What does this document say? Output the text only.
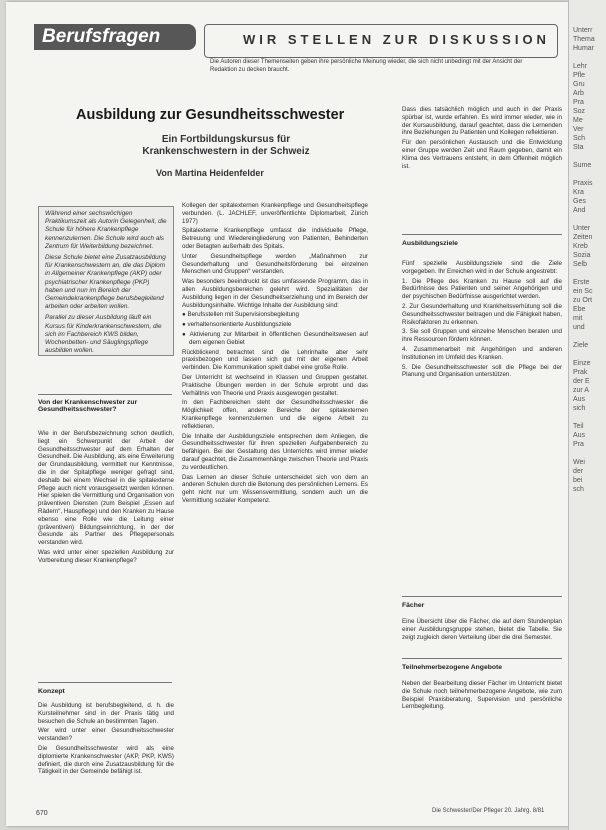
Berufsfragen	WIR STELLEN ZUR DISKUSSION
Die Autoren dieser Themenseiten geben ihre persönliche Meinung wieder, die sich nicht unbedingt mit der Ansicht der Redaktion zu decken braucht.
Ausbildung zur Gesundheitsschwester
Ein Fortbildungskursus für Krankenschwestern in der Schweiz
Von Martina Heidenfelder

Während einer sechswöchigen Praktikumszeit als Autorin Gelegenheit, die Schule für höhere Krankenpflege kennenzulernen. Die Schule wird auch als Zentrum für Weiterbildung bezeichnet.

Diese Schule bietet eine Zusatzausbildung für Krankenschwestern an, die das Diplom in Allgemeiner Krankenpflege (AKP) oder psychiatrischer Krankenpflege (PKP) haben und nun im Bereich der Gemeindekrankenpflege berufsbegleitend arbeiten oder arbeiten wollen.

Parallel zu dieser Ausbildung läuft ein Kursus für Kinderkrankenschwestern, die sich im Fachbereich KWS bilden, Wochenbetten- und Säuglingspflege ausbilden wollen.

Von der Krankenschwester zur Gesundheitsschwester?

Wie in der Berufsbezeichnung schon deutlich, liegt ein Schwerpunkt der Arbeit der Gesundheitsschwester auf dem Erhalten der Gesundheit. Die Ausbildung, als eine Erweiterung der Grundausbildung, vermittelt nur Kenntnisse, die in der Spitalpflege weniger gefragt sind, deshalb bei einem Wechsel in die spitalexterne Pflege auch nicht vorausgesetzt werden können. Hier spielen die Vermittlung und Organisation von präventiven Diensten (zum Beispiel „Essen auf Rädern“, Hauspflege) und den Kranken zu Hause ebenso eine Rolle wie die Leitung einer (präventiven) Bildungseinrichtung, in der der Gesunde als Partner des Pflegepersonals verstanden wird.

Was wird unter einer speziellen Ausbildung zur Vorbereitung dieser Krankenpflege?

Konzept

Die Ausbildung ist berufsbegleitend, d. h. die Kursteilnehmer sind in der Praxis tätig und besuchen die Schule an bestimmten Tagen.

Wer wird unter einer Gesundheitsschwester verstanden?

Die Gesundheitsschwester wird als eine diplomierte Krankenschwester (AKP, PKP, KWS) definiert, die durch eine Zusatzausbildung für die Tätigkeit in der Gemeinde befähigt ist.

Kollegen der spitalexternen Krankenpflege und Gesundheitspflege verbunden. (L. JACHLEF, unveröffentlichte Diplomarbeit, Zürich 1977)

Spitalexterne Krankenpflege umfasst die individuelle Pflege, Betreuung und Wiedereingliederung von Patienten, Behinderten oder Betagten außerhalb des Spitals.

Unter Gesundheitspflege werden „Maßnahmen zur Gesunderhaltung und Gesundheitsförderung bei einzelnen Menschen und Gruppen“ verstanden.

Was besonders beeindruckt ist das umfassende Programm, das in allen Ausbildungsbereichen gelehrt wird. Spezialitäten der Ausbildung liegen in der Gesundheitserziehung und im Bereich der Ausbildungsinhalte. Wichtige Inhalte der Ausbildung sind:

● Berufsstellen mit Supervisionsbegleitung

● verhaltensorientierte Ausbildungsziele

● Aktivierung zur Mitarbeit in öffentlichen Gesundheitswesen auf dem eigenen Gebiet

Rückblickend betrachtet sind die Lehrinhalte aber sehr praxisbezogen und lassen sich gut mit der eigenen Arbeit verbinden. Die Kommunikation spielt dabei eine große Rolle.

Der Unterricht ist wechselnd in Klassen und Gruppen gestaltet. Praktische Übungen werden in der Schule erprobt und das Verhältnis von Theorie und Praxis ausgewogen gestaltet.

In den Fachbereichen steht der Gesundheitsschwester die Möglichkeit offen, andere Bereiche der spitalexternen Krankenpflege kennenzulernen und die eigene Arbeit zu reflektieren.

Die Inhalte der Ausbildungsziele entsprechen dem Anliegen, die Gesundheitsschwester für ihren speziellen Aufgabenbereich zu befähigen. Bei der Gestaltung des Unterrichts wird immer wieder darauf geachtet, die Zusammenhänge zwischen Theorie und Praxis zu verdeutlichen.

Das Lernen an dieser Schule unterscheidet sich von dem an anderen Schulen durch die Betonung des persönlichen Lernens. Es geht nicht nur um Wissensvermittlung, sondern auch um die Vermittlung sozialer Kompetenz.

Dass dies tatsächlich möglich und auch in der Praxis spürbar ist, wurde erfahren. Es wird immer wieder, wie in der Kursausbildung, darauf geachtet, dass die Lernenden ihre Beziehungen zu Patienten und Kollegen reflektieren.

Für den persönlichen Austausch und die Entwicklung einer Gruppe werden Zeit und Raum gegeben, damit ein Klima des Vertrauens entsteht, in dem Offenheit möglich ist.

Ausbildungsziele

Fünf spezielle Ausbildungsziele sind die Ziele vorgegeben. Ihr Erreichen wird in der Schule angestrebt:

1. Die Pflege des Kranken zu Hause soll auf die Bedürfnisse des Patienten und seiner Angehörigen und der psychischen Bedürfnisse ausgerichtet werden.

2. Zur Gesunderhaltung und Krankheitsverhütung soll die Gesundheitsschwester beitragen und die Fähigkeit haben, Risikofaktoren zu erkennen.

3. Sie soll Gruppen und einzelne Menschen beraten und ihre Ressourcen fördern können.

4. Zusammenarbeit mit Angehörigen und anderen Institutionen im Umfeld des Kranken.

5. Die Gesundheitsschwester soll die Pflege bei der Planung und Organisation unterstützen.

Fächer

Eine Übersicht über die Fächer, die auf dem Stundenplan einer Ausbildungsgruppe stehen, bietet die Tabelle. Sie zeigt zugleich deren Verteilung über die drei Semester.

Teilnehmerbezogene Angebote

Neben der Bearbeitung dieser Fächer im Unterricht bietet die Schule noch teilnehmerbezogene Angebote, wie zum Beispiel Praxisberatung, Supervision und persönliche Lernbegleitung.

670	Die Schwester/Der Pfleger 20. Jahrg. 8/81
Unterr
Thema
Humar

Lehr
Pfle
Gru
Arb
Pra
Soz
Me
Ver
Sch
Sta

Sume

Praxis
Kra
Ges
And

Unter
Zeiten
Kreb
Sozia
Selb

Erste
ein Sc
zu Ort
Ebe
mit
und

Ziele

Einze
Prak
der E
zur A
Aus
sich

Teil
Aus
Pra

Wei
der
bei
sch
